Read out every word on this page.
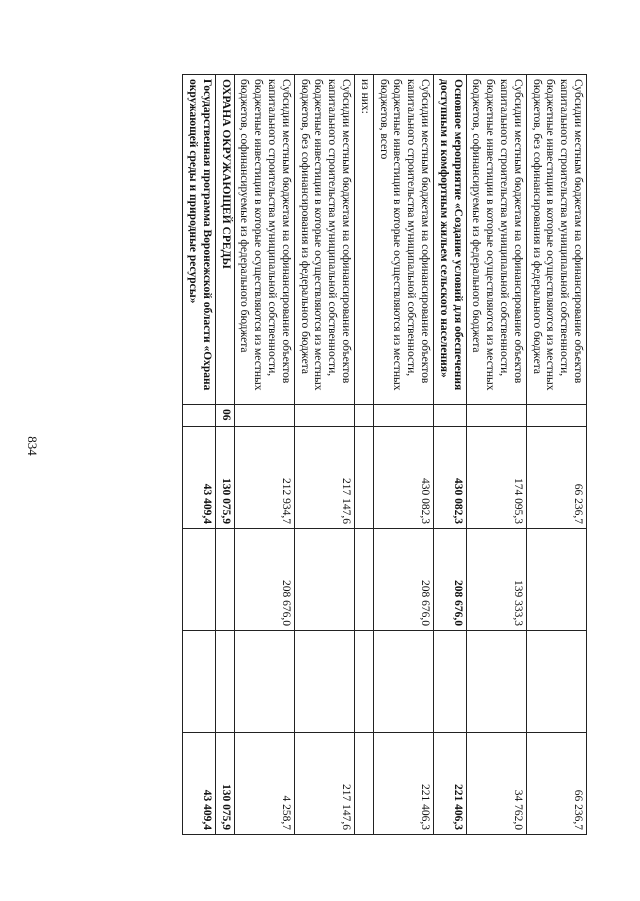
834
Субсидии местным бюджетам на софинансирование объектов капитального строительства муниципальной собственности, бюджетные инвестиции в которые осуществляются из местных бюджетов, без софинансирования из федерального бюджета		66 236,7			66 236,7
Субсидии местным бюджетам на софинансирование объектов капитального строительства муниципальной собственности, бюджетные инвестиции в которые осуществляются из местных бюджетов, софинансируемые из федерального бюджета		174 095,3	139 333,3		34 762,0
Основное мероприятие «Создание условий для обеспечения доступным и комфортным жильем сельского населения»		430 082,3	208 676,0		221 406,3
Субсидии местным бюджетам на софинансирование объектов капитального строительства муниципальной собственности, бюджетные инвестиции в которые осуществляются из местных бюджетов, всего		430 082,3	208 676,0		221 406,3
из них:					
Субсидии местным бюджетам на софинансирование объектов капитального строительства муниципальной собственности, бюджетные инвестиции в которые осуществляются из местных бюджетов, без софинансирования из федерального бюджета		217 147,6			217 147,6
Субсидии местным бюджетам на софинансирование объектов капитального строительства муниципальной собственности, бюджетные инвестиции в которые осуществляются из местных бюджетов, софинансируемые из федерального бюджета		212 934,7	208 676,0		4 258,7
ОХРАНА ОКРУЖАЮЩЕЙ СРЕДЫ	06	130 075,9			130 075,9
Государственная программа Воронежской области «Охрана окружающей среды и природные ресурсы»		43 409,4			43 409,4
